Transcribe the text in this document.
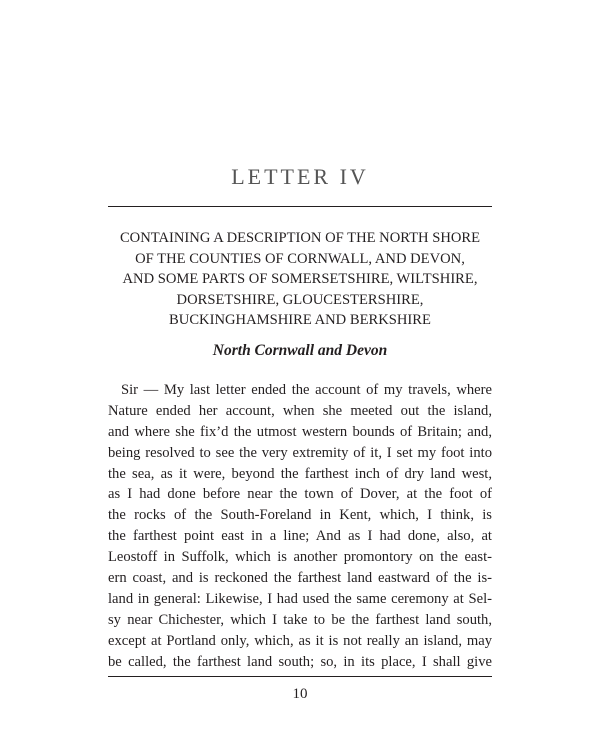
LETTER IV
CONTAINING A DESCRIPTION OF THE NORTH SHORE
OF THE COUNTIES OF CORNWALL, AND DEVON,
AND SOME PARTS OF SOMERSETSHIRE, WILTSHIRE,
DORSETSHIRE, GLOUCESTERSHIRE,
BUCKINGHAMSHIRE AND BERKSHIRE
North Cornwall and Devon
Sir — My last letter ended the account of my travels, where
Nature ended her account, when she meeted out the island,
and where she fix’d the utmost western bounds of Britain; and,
being resolved to see the very extremity of it, I set my foot into
the sea, as it were, beyond the farthest inch of dry land west,
as I had done before near the town of Dover, at the foot of
the rocks of the South-Foreland in Kent, which, I think, is
the farthest point east in a line; And as I had done, also, at
Leostoff in Suffolk, which is another promontory on the east-
ern coast, and is reckoned the farthest land eastward of the is-
land in general: Likewise, I had used the same ceremony at Sel-
sy near Chichester, which I take to be the farthest land south,
except at Portland only, which, as it is not really an island, may
be called, the farthest land south; so, in its place, I shall give
10
